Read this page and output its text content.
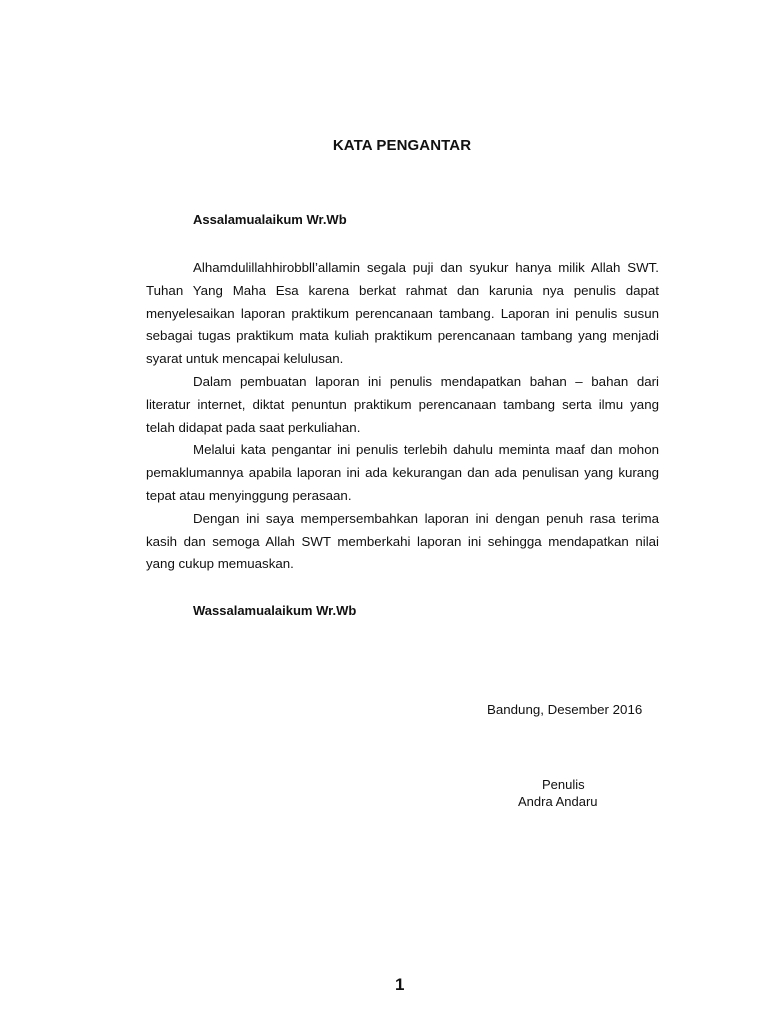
KATA PENGANTAR
Assalamualaikum Wr.Wb

Alhamdulillahhirobbll’allamin segala puji dan syukur hanya milik Allah SWT. Tuhan Yang Maha Esa karena berkat rahmat dan karunia nya penulis dapat menyelesaikan laporan praktikum perencanaan tambang. Laporan ini penulis susun sebagai tugas praktikum mata kuliah praktikum perencanaan tambang yang menjadi syarat untuk mencapai kelulusan.

Dalam pembuatan laporan ini penulis mendapatkan bahan – bahan dari literatur internet, diktat penuntun praktikum perencanaan tambang serta ilmu yang telah didapat pada saat perkuliahan.

Melalui kata pengantar ini penulis terlebih dahulu meminta maaf dan mohon pemaklumannya apabila laporan ini ada kekurangan dan ada penulisan yang kurang tepat atau menyinggung perasaan.

Dengan ini saya mempersembahkan laporan ini dengan penuh rasa terima kasih dan semoga Allah SWT memberkahi laporan ini sehingga mendapatkan nilai yang cukup memuaskan.

Wassalamualaikum Wr.Wb
Bandung, Desember 2016
Penulis
Andra Andaru
1
